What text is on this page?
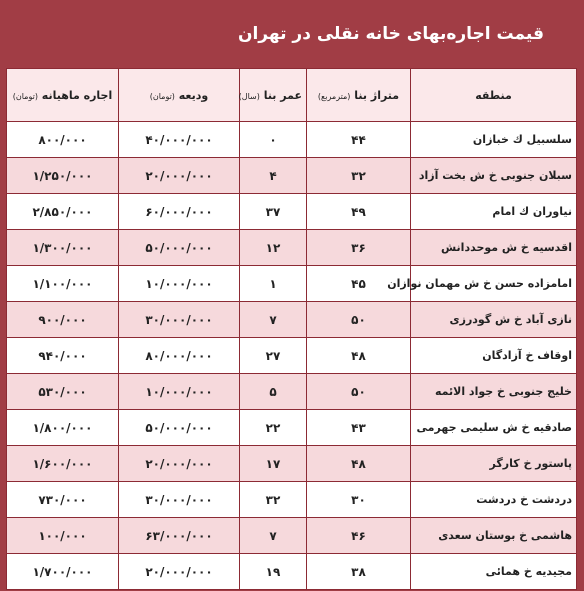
قیمت اجاره‌بهای خانه نقلی در تهران
منطقه	متراژ بنا (مترمربع)	عمر بنا (سال)	ودیعه (تومان)	اجاره ماهیانه (تومان)
سلسبیل ك خبازان	۴۴	۰	۴۰/۰۰۰/۰۰۰	۸۰۰/۰۰۰
سبلان جنوبی خ ش بخت آزاد	۳۲	۴	۲۰/۰۰۰/۰۰۰	۱/۲۵۰/۰۰۰
نیاوران ك امام	۴۹	۳۷	۶۰/۰۰۰/۰۰۰	۲/۸۵۰/۰۰۰
اقدسیه خ ش موحددانش	۳۶	۱۲	۵۰/۰۰۰/۰۰۰	۱/۳۰۰/۰۰۰
امامزاده حسن خ ش مهمان نوازان	۴۵	۱	۱۰/۰۰۰/۰۰۰	۱/۱۰۰/۰۰۰
نازی آباد خ ش گودرزی	۵۰	۷	۳۰/۰۰۰/۰۰۰	۹۰۰/۰۰۰
اوقاف خ آزادگان	۴۸	۲۷	۸۰/۰۰۰/۰۰۰	۹۴۰/۰۰۰
خلیج جنوبی خ جواد الائمه	۵۰	۵	۱۰/۰۰۰/۰۰۰	۵۳۰/۰۰۰
صادقیه خ ش سلیمی جهرمی	۴۳	۲۲	۵۰/۰۰۰/۰۰۰	۱/۸۰۰/۰۰۰
پاستور خ کارگر	۴۸	۱۷	۲۰/۰۰۰/۰۰۰	۱/۶۰۰/۰۰۰
دردشت خ دردشت	۳۰	۳۲	۳۰/۰۰۰/۰۰۰	۷۳۰/۰۰۰
هاشمی خ بوستان سعدی	۴۶	۷	۶۳/۰۰۰/۰۰۰	۱۰۰/۰۰۰
مجیدیه خ همائی	۳۸	۱۹	۲۰/۰۰۰/۰۰۰	۱/۷۰۰/۰۰۰
